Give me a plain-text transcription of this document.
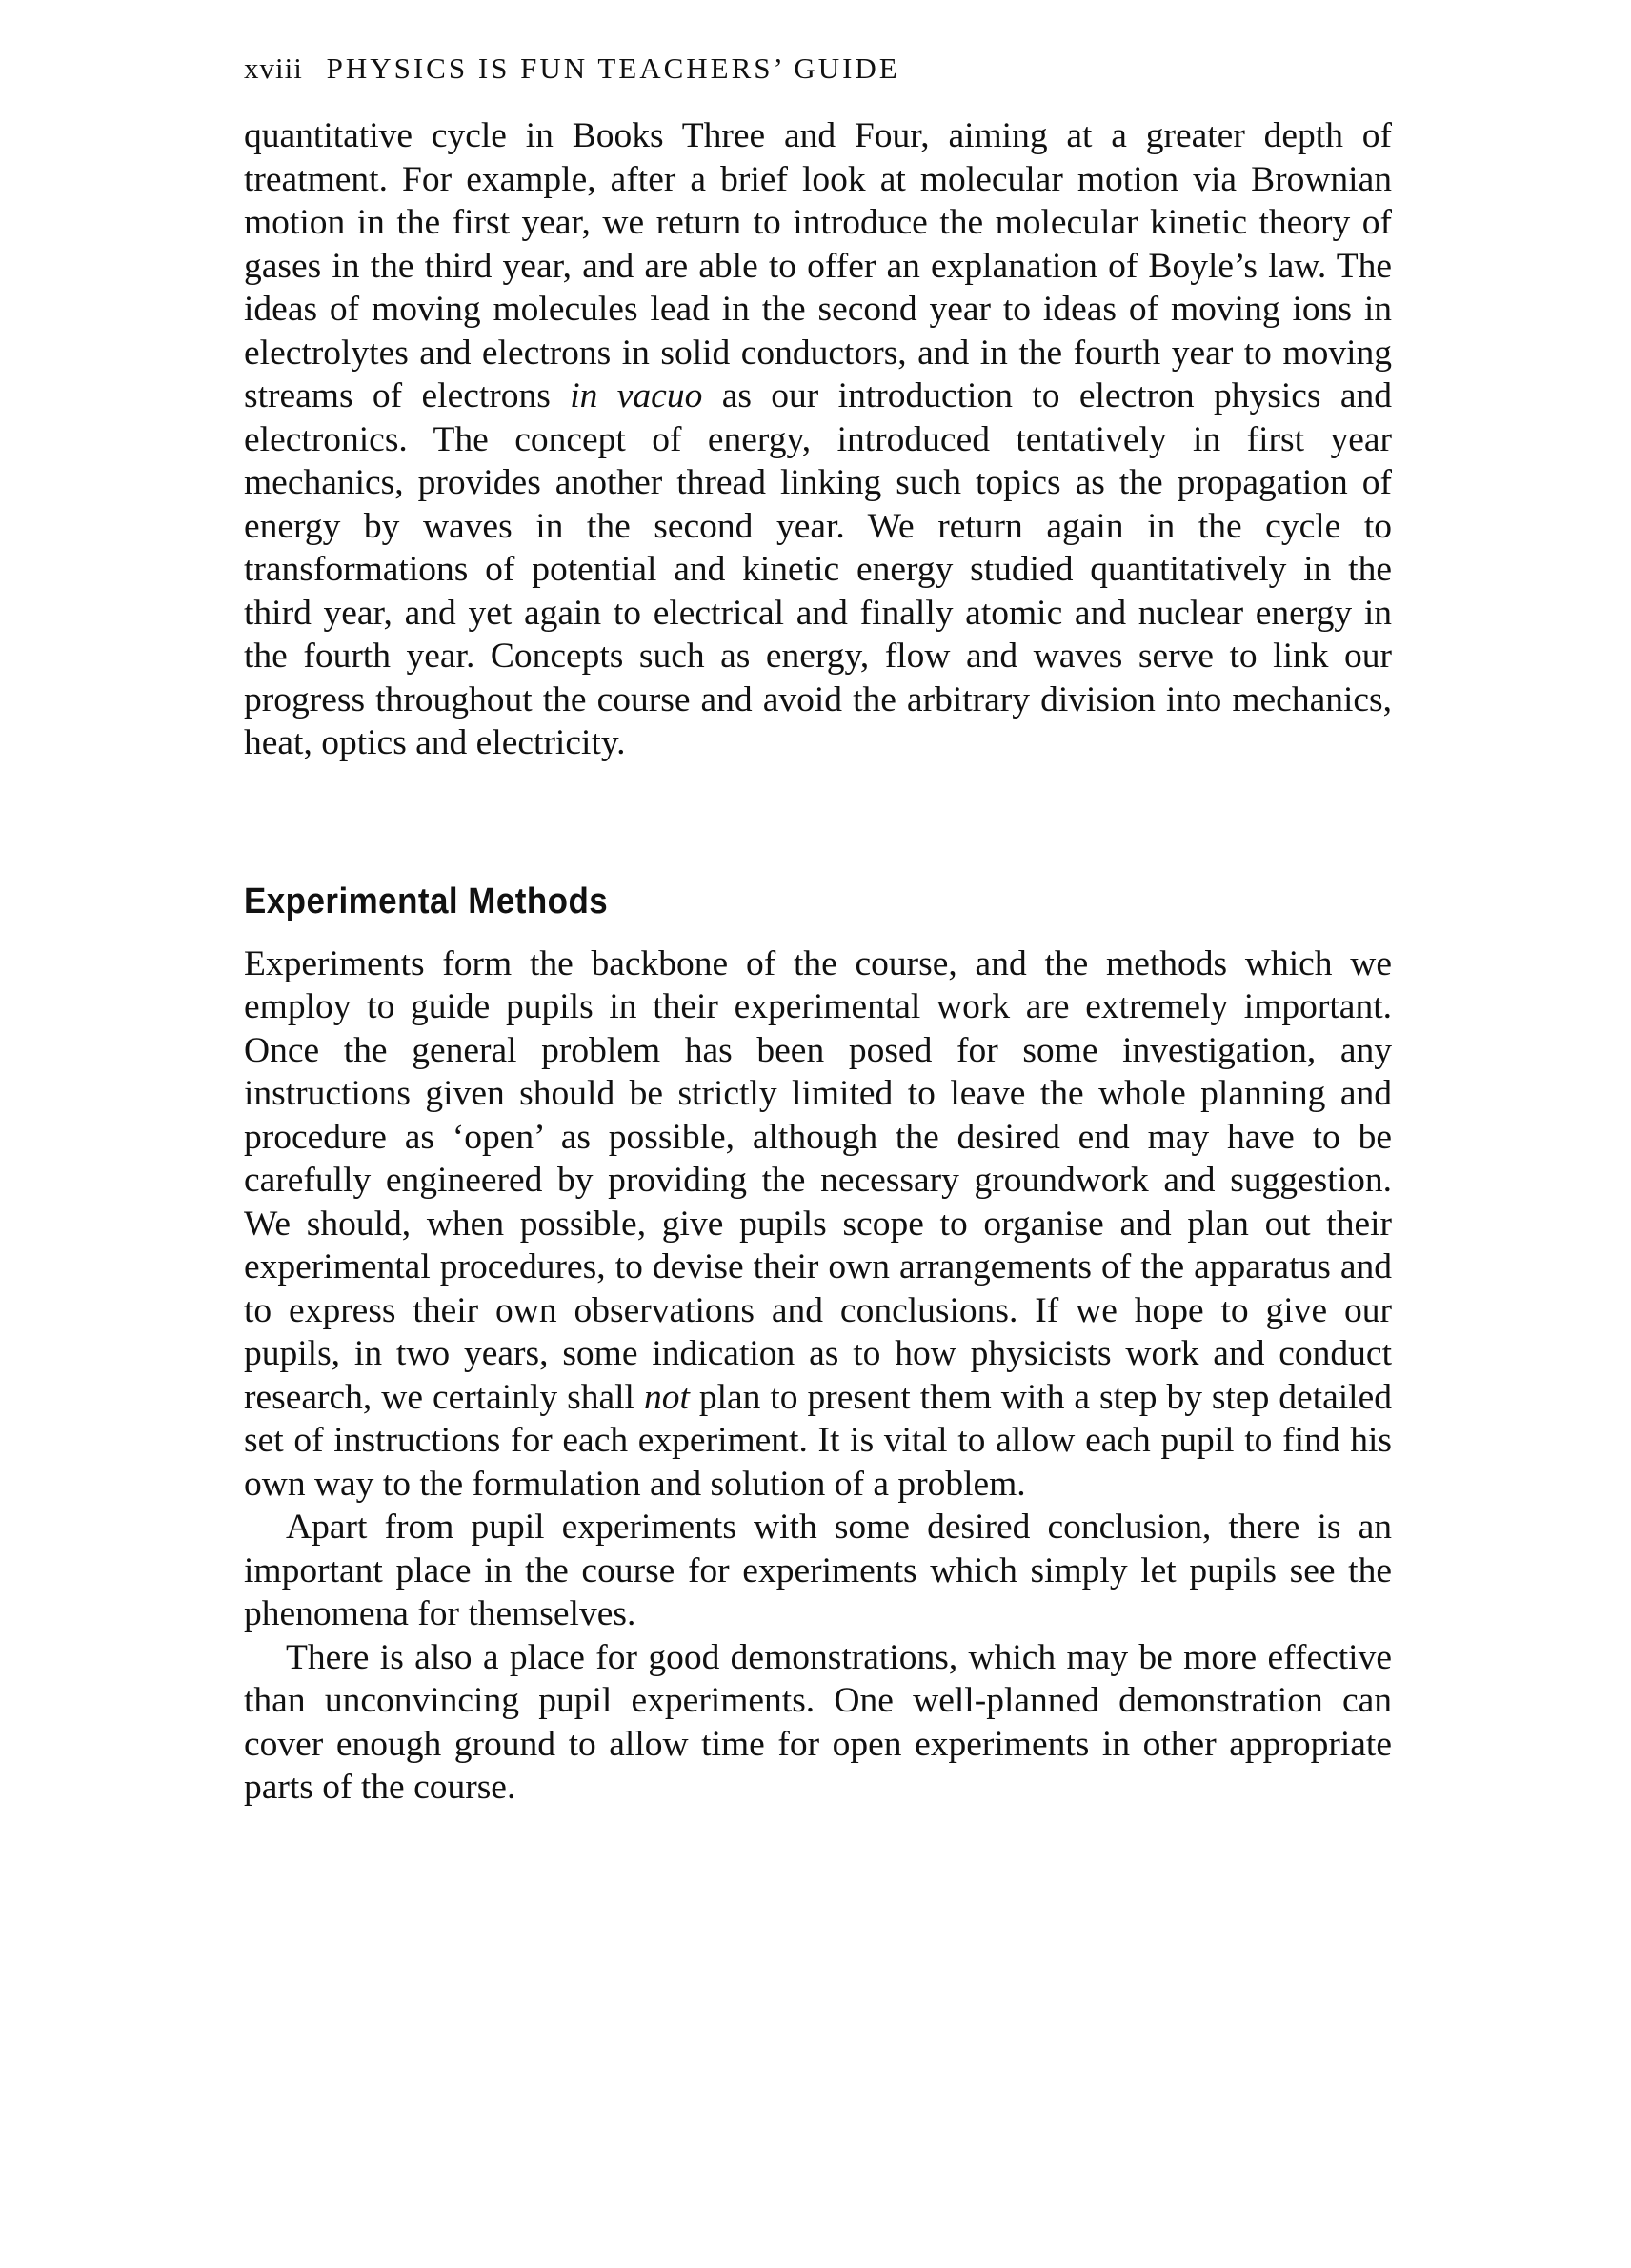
xviii PHYSICS IS FUN TEACHERS’ GUIDE

quantitative cycle in Books Three and Four, aiming at a greater depth of treatment. For example, after a brief look at molecular motion via Brownian motion in the first year, we return to introduce the molecular kinetic theory of gases in the third year, and are able to offer an explanation of Boyle’s law. The ideas of moving molecules lead in the second year to ideas of moving ions in electrolytes and electrons in solid conductors, and in the fourth year to moving streams of electrons in vacuo as our introduction to electron physics and electronics. The concept of energy, introduced tentatively in first year mechanics, provides another thread linking such topics as the propagation of energy by waves in the second year. We return again in the cycle to transformations of potential and kinetic energy studied quantitatively in the third year, and yet again to electrical and finally atomic and nuclear energy in the fourth year. Concepts such as energy, flow and waves serve to link our progress throughout the course and avoid the arbitrary division into mechanics, heat, optics and electricity.

Experimental Methods

Experiments form the backbone of the course, and the methods which we employ to guide pupils in their experimental work are extremely important. Once the general problem has been posed for some investigation, any instructions given should be strictly limited to leave the whole planning and procedure as ‘open’ as possible, although the desired end may have to be carefully engineered by providing the necessary groundwork and suggestion. We should, when possible, give pupils scope to organise and plan out their experimental procedures, to devise their own arrangements of the apparatus and to express their own observations and conclusions. If we hope to give our pupils, in two years, some indication as to how physicists work and conduct research, we certainly shall not plan to present them with a step by step detailed set of instructions for each experiment. It is vital to allow each pupil to find his own way to the formulation and solution of a problem.

Apart from pupil experiments with some desired conclusion, there is an important place in the course for experiments which simply let pupils see the phenomena for themselves.

There is also a place for good demonstrations, which may be more effective than unconvincing pupil experiments. One well-planned demonstration can cover enough ground to allow time for open experiments in other appropriate parts of the course.
